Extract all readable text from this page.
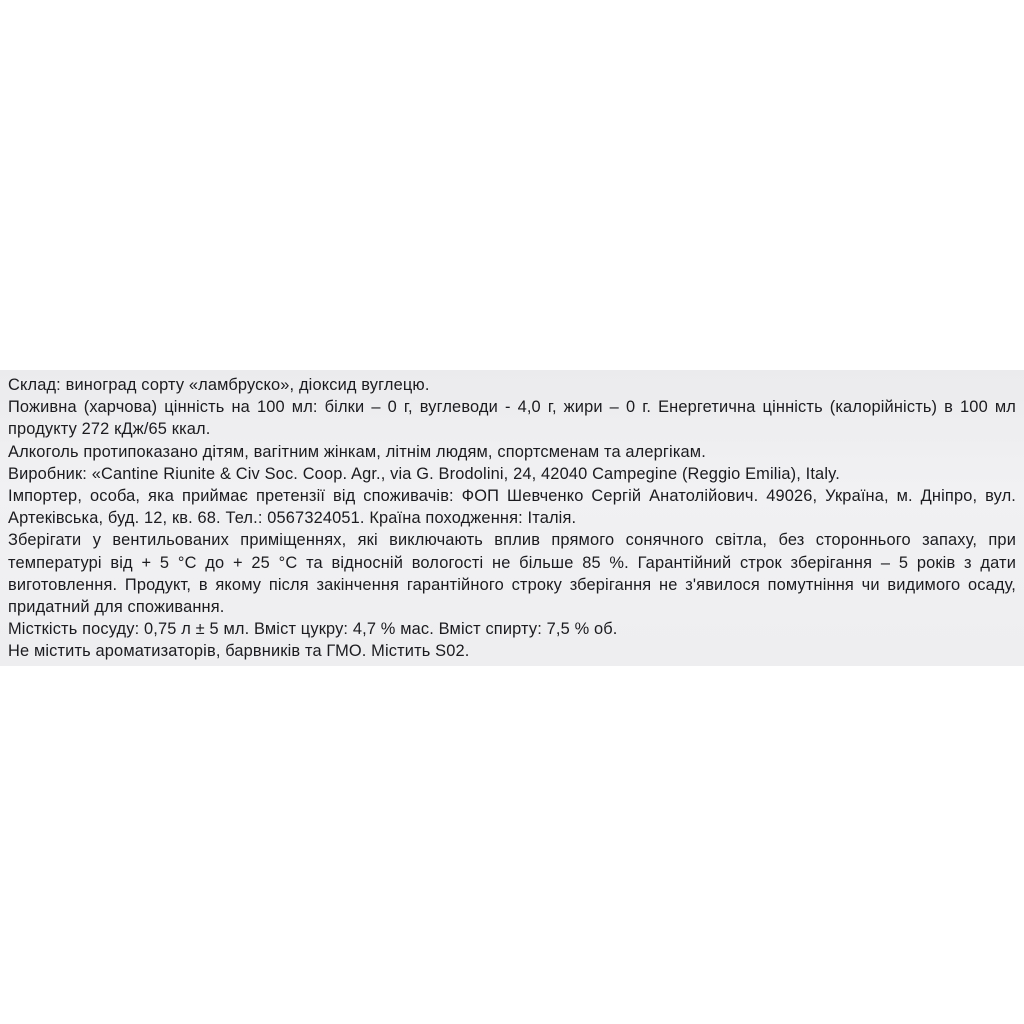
Склад: виноград сорту «ламбруско», діоксид вуглецю.

Поживна (харчова) цінність на 100 мл: білки – 0 г, вуглеводи - 4,0 г, жири – 0 г. Енергетична цінність (калорійність) в 100 мл продукту 272 кДж/65 ккал.

Алкоголь протипоказано дітям, вагітним жінкам, літнім людям, спортсменам та алергікам.

Виробник: «Cantine Riunite & Civ Soc. Coop. Agr., via G. Brodolini, 24, 42040 Campegine (Reggio Emilia), Italy.

Імпортер, особа, яка приймає претензії від споживачів: ФОП Шевченко Сергій Анатолійович. 49026, Україна, м. Дніпро, вул. Артеківська, буд. 12, кв. 68. Тел.: 0567324051. Країна походження: Італія.

Зберігати у вентильованих приміщеннях, які виключають вплив прямого сонячного світла, без стороннього запаху, при температурі від + 5 °С до + 25 °С та відносній вологості не більше 85 %. Гарантійний строк зберігання – 5 років з дати виготовлення. Продукт, в якому після закінчення гарантійного строку зберігання не з'явилося помутніння чи видимого осаду, придатний для споживання.

Місткість посуду: 0,75 л ± 5 мл. Вміст цукру: 4,7 % мас. Вміст спирту: 7,5 % об.

Не містить ароматизаторів, барвників та ГМО. Містить S02.
